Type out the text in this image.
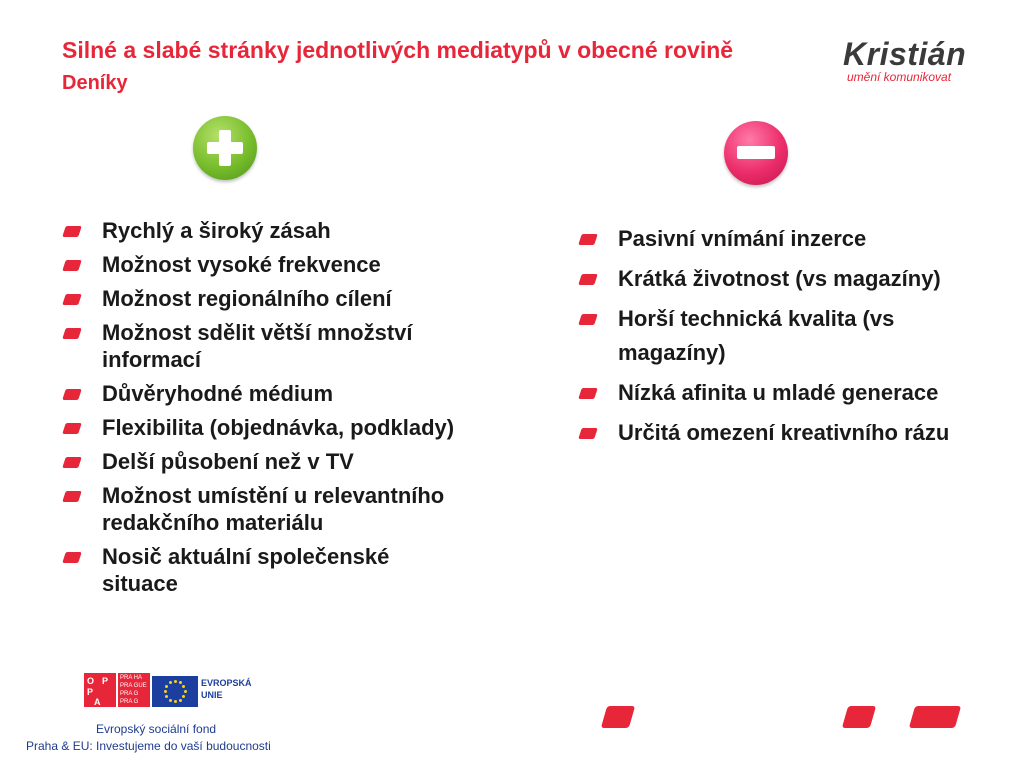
Silné a slabé stránky jednotlivých mediatypů v obecné rovině
Deníky
Kristián
umění komunikovat
Rychlý a široký zásah
Možnost vysoké frekvence
Možnost regionálního cílení
Možnost sdělit větší množství informací
Důvěryhodné médium
Flexibilita (objednávka, podklady)
Delší působení než v TV
Možnost umístění u relevantního redakčního materiálu
Nosič aktuální společenské situace
Pasivní vnímání inzerce
Krátká životnost (vs magazíny)
Horší technická kvalita (vs magazíny)
Nízká afinita u mladé generace
Určitá omezení kreativního rázu
O P
P
A
PRA HA
PRA GUE
PRA G
PRA G
EVROPSKÁ
UNIE
Evropský sociální fond
Praha & EU: Investujeme do vaší budoucnosti
